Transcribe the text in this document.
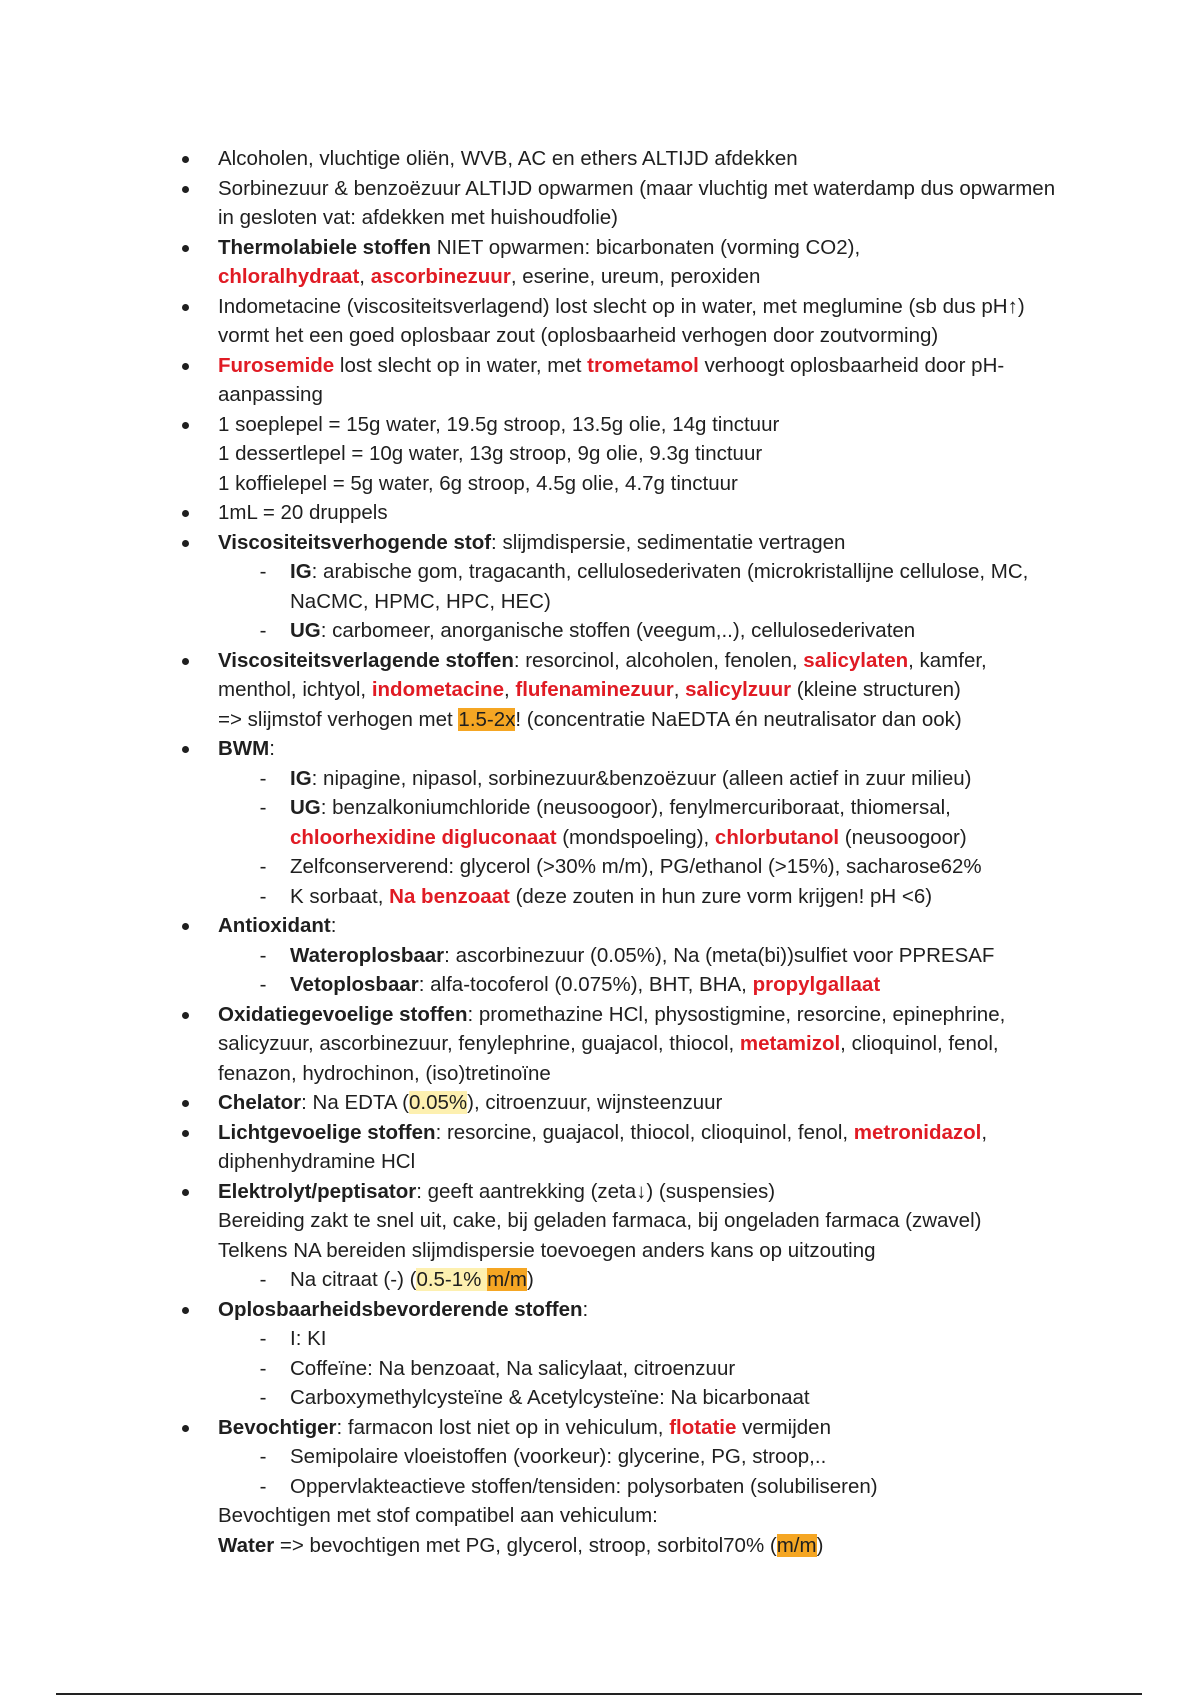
Alcoholen, vluchtige oliën, WVB, AC en ethers ALTIJD afdekken
Sorbinezuur & benzoëzuur ALTIJD opwarmen (maar vluchtig met waterdamp dus opwarmen in gesloten vat: afdekken met huishoudfolie)
Thermolabiele stoffen NIET opwarmen: bicarbonaten (vorming CO2),
chloralhydraat, ascorbinezuur, eserine, ureum, peroxiden
Indometacine (viscositeitsverlagend) lost slecht op in water, met meglumine (sb dus pH↑) vormt het een goed oplosbaar zout (oplosbaarheid verhogen door zoutvorming)
Furosemide lost slecht op in water, met trometamol verhoogt oplosbaarheid door pH-aanpassing
1 soeplepel = 15g water, 19.5g stroop, 13.5g olie, 14g tinctuur
1 dessertlepel = 10g water, 13g stroop, 9g olie, 9.3g tinctuur
1 koffielepel = 5g water, 6g stroop, 4.5g olie, 4.7g tinctuur
1mL = 20 druppels
Viscositeitsverhogende stof: slijmdispersie, sedimentatie vertragen
- IG: arabische gom, tragacanth, cellulosederivaten (microkristallijne cellulose, MC, NaCMC, HPMC, HPC, HEC)
- UG: carbomeer, anorganische stoffen (veegum,..), cellulosederivaten
Viscositeitsverlagende stoffen: resorcinol, alcoholen, fenolen, salicylaten, kamfer, menthol, ichtyol, indometacine, flufenaminezuur, salicylzuur (kleine structuren)
=> slijmstof verhogen met 1.5-2x! (concentratie NaEDTA én neutralisator dan ook)
BWM:
- IG: nipagine, nipasol, sorbinezuur&benzoëzuur (alleen actief in zuur milieu)
- UG: benzalkoniumchloride (neusoogoor), fenylmercuriboraat, thiomersal,
chloorhexidine digluconaat (mondspoeling), chlorbutanol (neusoogoor)
- Zelfconserverend: glycerol (>30% m/m), PG/ethanol (>15%), sacharose62%
- K sorbaat, Na benzoaat (deze zouten in hun zure vorm krijgen! pH <6)
Antioxidant:
- Wateroplosbaar: ascorbinezuur (0.05%), Na (meta(bi))sulfiet voor PPRESAF
- Vetoplosbaar: alfa-tocoferol (0.075%), BHT, BHA, propylgallaat
Oxidatiegevoelige stoffen: promethazine HCl, physostigmine, resorcine, epinephrine, salicyzuur, ascorbinezuur, fenylephrine, guajacol, thiocol, metamizol, clioquinol, fenol, fenazon, hydrochinon, (iso)tretinoïne
Chelator: Na EDTA (0.05%), citroenzuur, wijnsteenzuur
Lichtgevoelige stoffen: resorcine, guajacol, thiocol, clioquinol, fenol, metronidazol, diphenhydramine HCl
Elektrolyt/peptisator: geeft aantrekking (zeta↓) (suspensies)
Bereiding zakt te snel uit, cake, bij geladen farmaca, bij ongeladen farmaca (zwavel)
Telkens NA bereiden slijmdispersie toevoegen anders kans op uitzouting
- Na citraat (-) (0.5-1% m/m)
Oplosbaarheidsbevorderende stoffen:
- I: KI
- Coffeïne: Na benzoaat, Na salicylaat, citroenzuur
- Carboxymethylcysteïne & Acetylcysteïne: Na bicarbonaat
Bevochtiger: farmacon lost niet op in vehiculum, flotatie vermijden
- Semipolaire vloeistoffen (voorkeur): glycerine, PG, stroop,..
- Oppervlakteactieve stoffen/tensiden: polysorbaten (solubiliseren)
Bevochtigen met stof compatibel aan vehiculum:
Water => bevochtigen met PG, glycerol, stroop, sorbitol70% (m/m)
